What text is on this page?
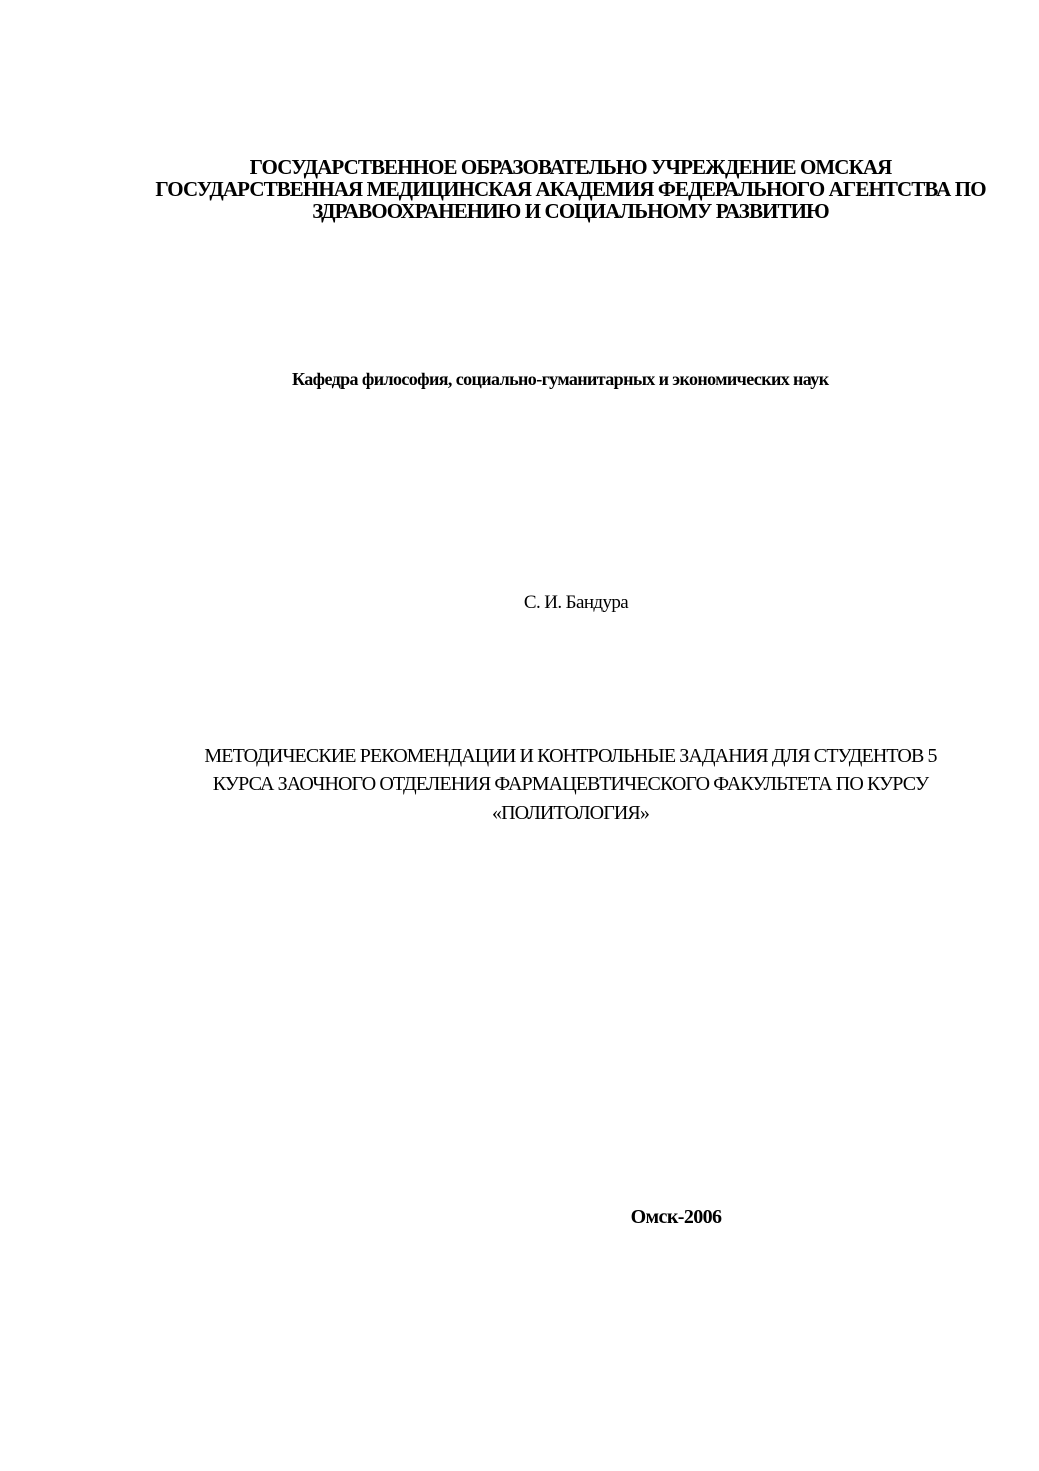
ГОСУДАРСТВЕННОЕ ОБРАЗОВАТЕЛЬНО УЧРЕЖДЕНИЕ ОМСКАЯ
ГОСУДАРСТВЕННАЯ МЕДИЦИНСКАЯ АКАДЕМИЯ ФЕДЕРАЛЬНОГО АГЕНТСТВА ПО
ЗДРАВООХРАНЕНИЮ И СОЦИАЛЬНОМУ РАЗВИТИЮ
Кафедра философия, социально-гуманитарных и экономических наук
С. И. Бандура
МЕТОДИЧЕСКИЕ РЕКОМЕНДАЦИИ И КОНТРОЛЬНЫЕ ЗАДАНИЯ ДЛЯ СТУДЕНТОВ 5
КУРСА ЗАОЧНОГО ОТДЕЛЕНИЯ ФАРМАЦЕВТИЧЕСКОГО ФАКУЛЬТЕТА ПО КУРСУ
«ПОЛИТОЛОГИЯ»
Омск-2006
